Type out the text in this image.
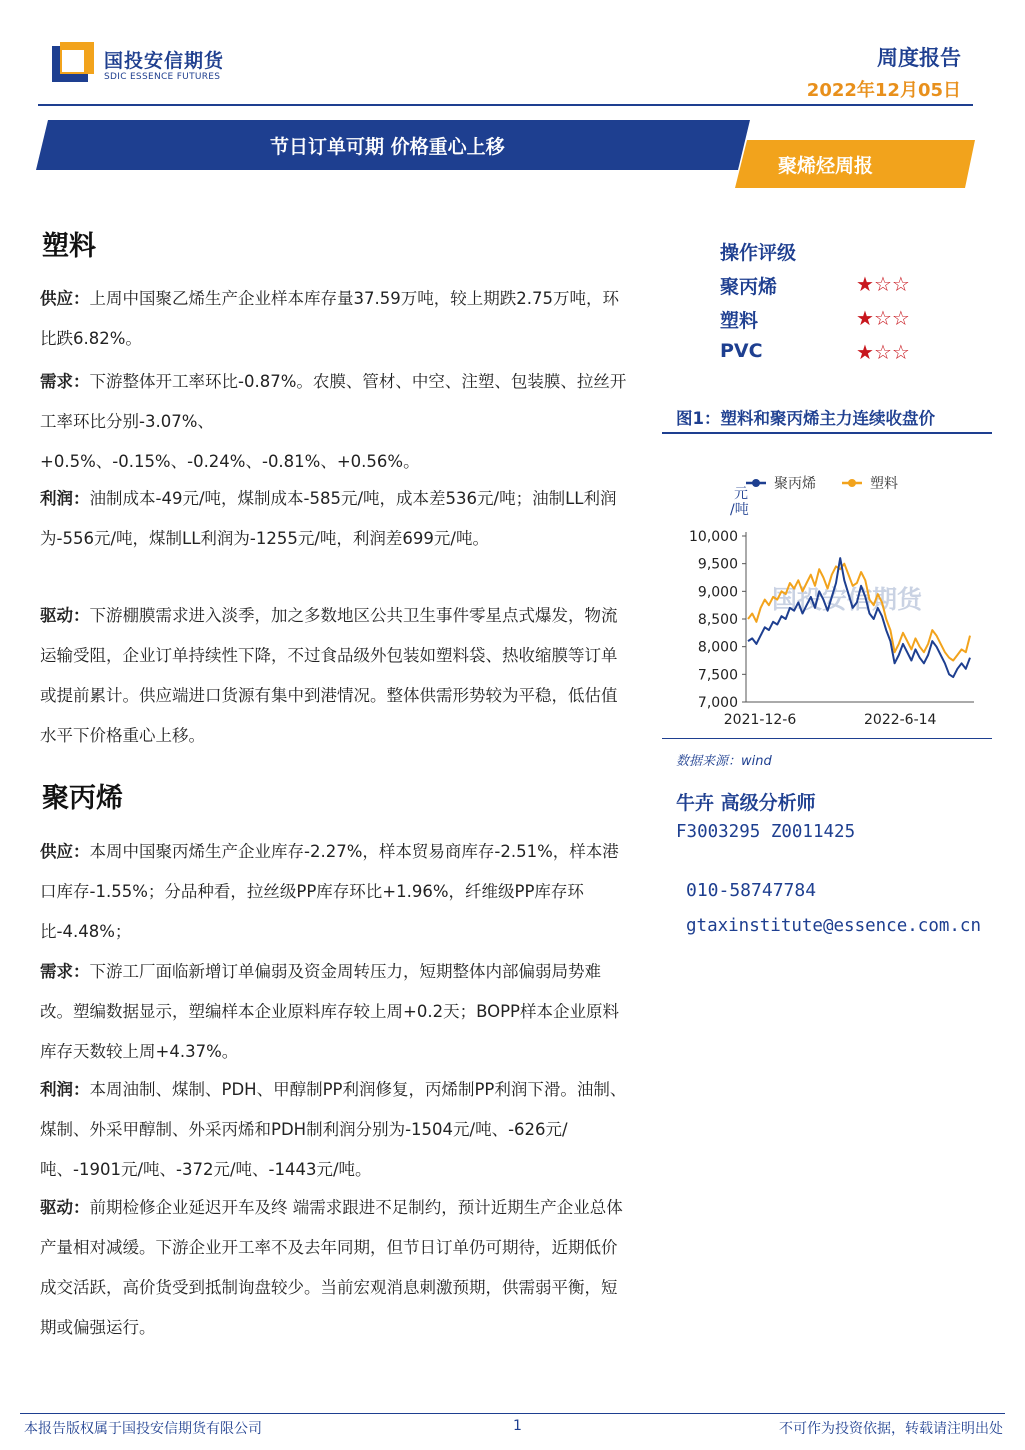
国投安信期货
SDIC ESSENCE FUTURES
周度报告
2022年12月05日
节日订单可期 价格重心上移
聚烯烃周报
塑料
供应：上周中国聚乙烯生产企业样本库存量37.59万吨，较上期跌2.75万吨，环比跌6.82%。
需求：下游整体开工率环比-0.87%。农膜、管材、中空、注塑、包装膜、拉丝开工率环比分别-3.07%、
+0.5%、-0.15%、-0.24%、-0.81%、+0.56%。
利润：油制成本-49元/吨，煤制成本-585元/吨，成本差536元/吨；油制LL利润为-556元/吨，煤制LL利润为-1255元/吨，利润差699元/吨。
驱动：下游棚膜需求进入淡季，加之多数地区公共卫生事件零星点式爆发，物流运输受阻，企业订单持续性下降，不过食品级外包装如塑料袋、热收缩膜等订单或提前累计。供应端进口货源有集中到港情况。整体供需形势较为平稳，低估值水平下价格重心上移。
聚丙烯
供应：本周中国聚丙烯生产企业库存-2.27%，样本贸易商库存-2.51%，样本港口库存-1.55%；分品种看，拉丝级PP库存环比+1.96%，纤维级PP库存环比-4.48%；
需求：下游工厂面临新增订单偏弱及资金周转压力，短期整体内部偏弱局势难改。塑编数据显示，塑编样本企业原料库存较上周+0.2天；BOPP样本企业原料库存天数较上周+4.37%。
利润：本周油制、煤制、PDH、甲醇制PP利润修复，丙烯制PP利润下滑。油制、煤制、外采甲醇制、外采丙烯和PDH制利润分别为-1504元/吨、-626元/吨、-1901元/吨、-372元/吨、-1443元/吨。
驱动：前期检修企业延迟开车及终 端需求跟进不足制约，预计近期生产企业总体产量相对减缓。下游企业开工率不及去年同期，但节日订单仍可期待，近期低价成交活跃，高价货受到抵制询盘较少。当前宏观消息刺激预期，供需弱平衡，短期或偏强运行。
操作评级
聚丙烯	★☆☆
塑料	★☆☆
PVC	★☆☆
图1：塑料和聚丙烯主力连续收盘价
聚丙烯	塑料
元 /吨
国投安信期货
7,000
7,500
8,000
8,500
9,000
9,500
10,000
2021-12-6	2022-6-14
数据来源：wind
牛卉 高级分析师
F3003295 Z0011425
010-58747784
gtaxinstitute@essence.com.cn
本报告版权属于国投安信期货有限公司	1	不可作为投资依据，转载请注明出处
